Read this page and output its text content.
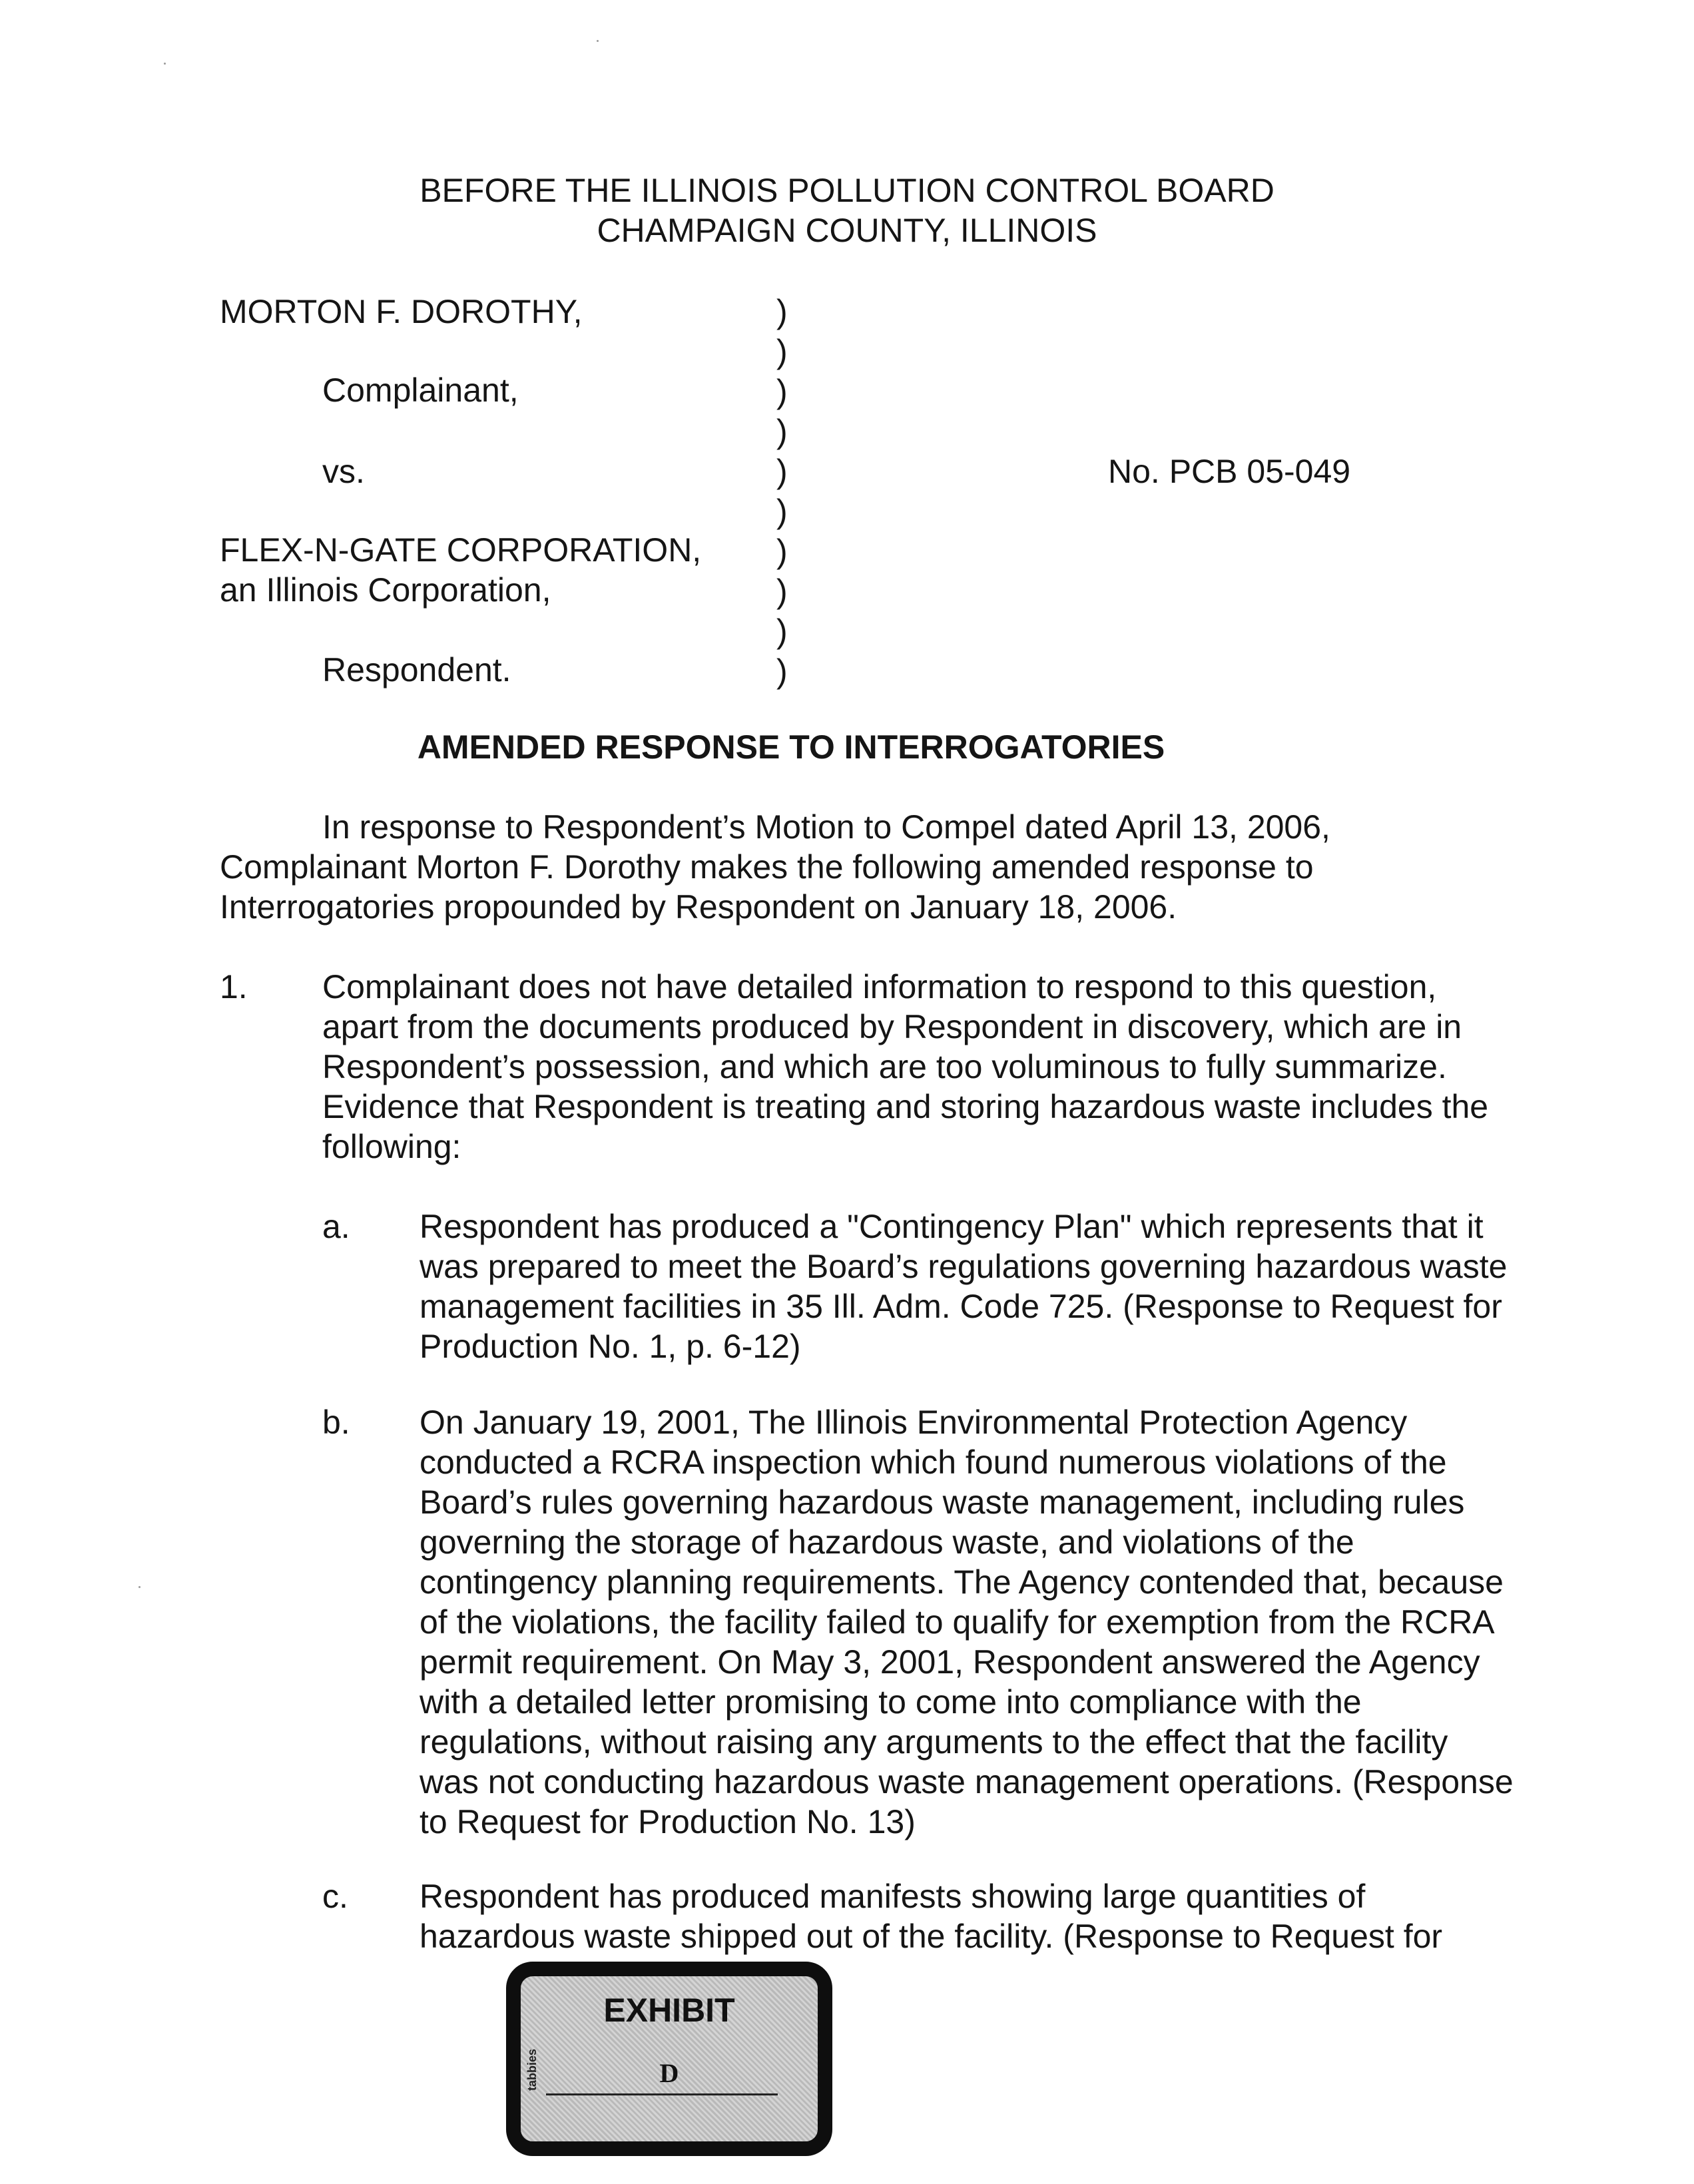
BEFORE THE ILLINOIS POLLUTION CONTROL BOARD
CHAMPAIGN COUNTY, ILLINOIS
MORTON F. DOROTHY,
Complainant,
vs.
FLEX-N-GATE CORPORATION,
an Illinois Corporation,
Respondent.
)
)
)
)
)
)
)
)
)
)
No. PCB 05-049
AMENDED RESPONSE TO INTERROGATORIES
In response to Respondent’s Motion to Compel dated April 13, 2006,
Complainant Morton F. Dorothy makes the following amended response to
Interrogatories propounded by Respondent on January 18, 2006.
1. Complainant does not have detailed information to respond to this question,
apart from the documents produced by Respondent in discovery, which are in
Respondent’s possession, and which are too voluminous to fully summarize.
Evidence that Respondent is treating and storing hazardous waste includes the
following:
a. Respondent has produced a "Contingency Plan" which represents that it
was prepared to meet the Board’s regulations governing hazardous waste
management facilities in 35 Ill. Adm. Code 725. (Response to Request for
Production No. 1, p. 6-12)
b. On January 19, 2001, The Illinois Environmental Protection Agency
conducted a RCRA inspection which found numerous violations of the
Board’s rules governing hazardous waste management, including rules
governing the storage of hazardous waste, and violations of the
contingency planning requirements. The Agency contended that, because
of the violations, the facility failed to qualify for exemption from the RCRA
permit requirement. On May 3, 2001, Respondent answered the Agency
with a detailed letter promising to come into compliance with the
regulations, without raising any arguments to the effect that the facility
was not conducting hazardous waste management operations. (Response
to Request for Production No. 13)
c. Respondent has produced manifests showing large quantities of
hazardous waste shipped out of the facility. (Response to Request for
tabbies
EXHIBIT
D
